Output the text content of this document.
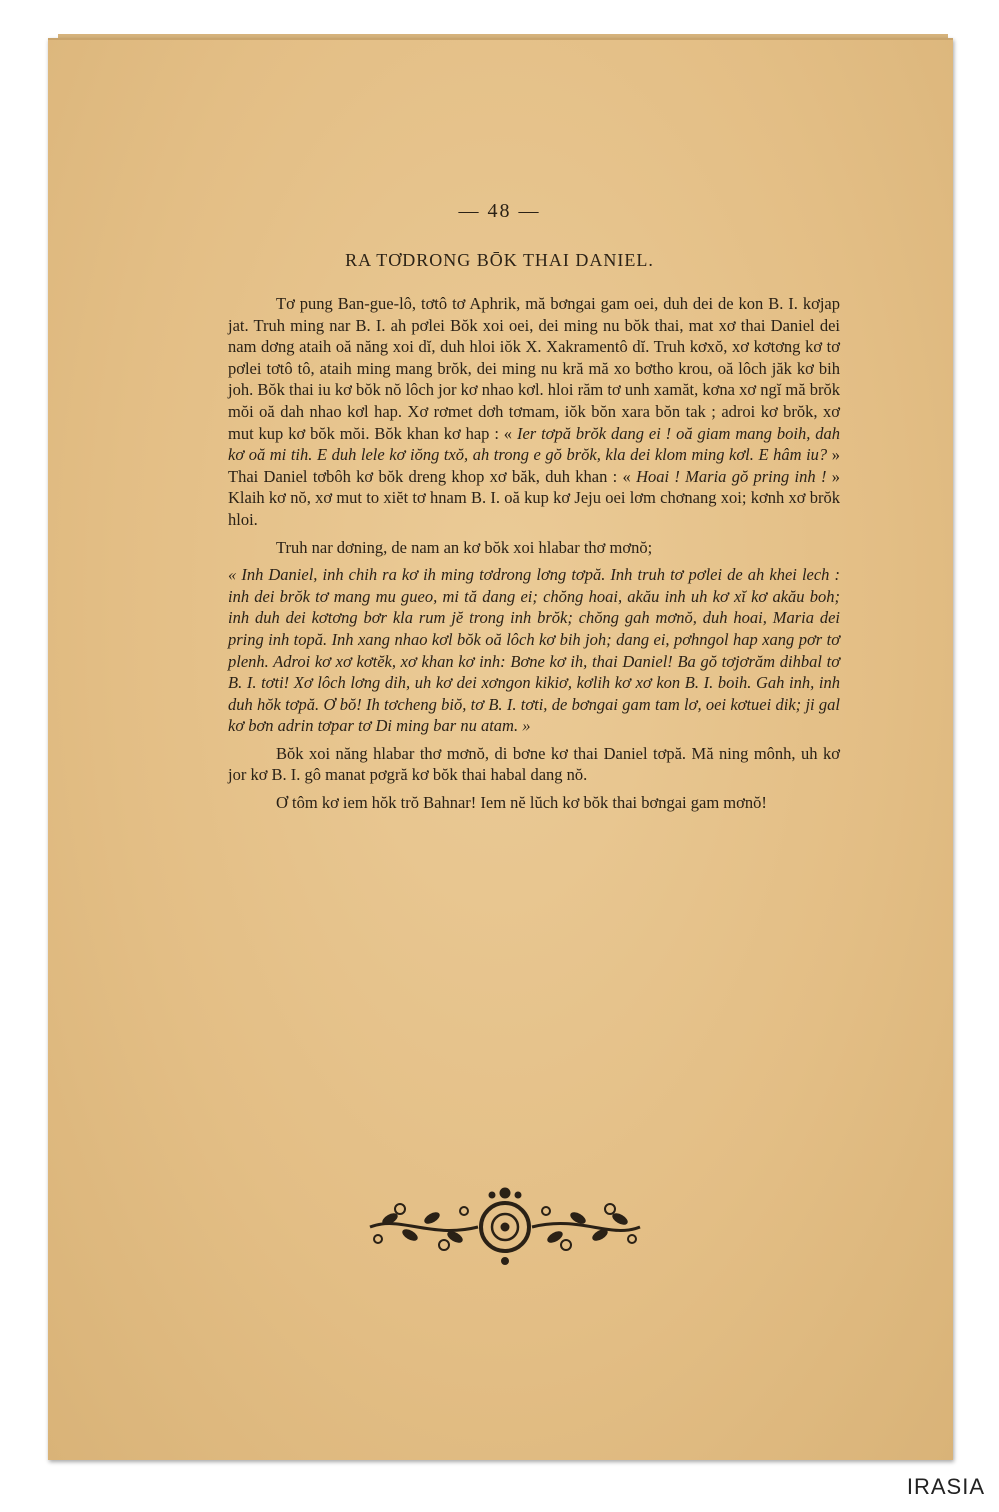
— 48 —
RA TƠDRONG BŌK THAI DANIEL.

Tơ pung Ban-gue-lô, tơtô tơ Aphrik, mă bơngai gam oei, duh dei de kon B. I. kơjap jat. Truh ming nar B. I. ah pơlei Bŏk xoi oei, dei ming nu bŏk thai, mat xơ thai Daniel dei nam dơng ataih oă năng xoi dĭ, duh hloi iŏk X. Xakramentô dĭ. Truh kơxŏ, xơ kơtơng kơ tơ pơlei tơtô tô, ataih ming mang brŏk, dei ming nu kră mă xo bơtho krou, oă lôch jăk kơ bih joh. Bŏk thai iu kơ bŏk nŏ lôch jor kơ nhao kơl. hloi răm tơ unh xamăt, kơna xơ ngĭ mă brŏk mŏi oă dah nhao kơl hap. Xơ rơmet dơh tơmam, iŏk bŏn xara bŏn tak ; adroi kơ brŏk, xơ mut kup kơ bŏk mŏi. Bŏk khan kơ hap : « Ier tơpă brŏk dang ei ! oă giam mang boih, dah kơ oă mi tih. E duh lele kơ iŏng txŏ, ah trong e gŏ brŏk, kla dei klom ming kơl. E hâm iu? » Thai Daniel tơbôh kơ bŏk dreng khop xơ băk, duh khan : « Hoai ! Maria gŏ pring inh ! » Klaih kơ nŏ, xơ mut to xiĕt tơ hnam B. I. oă kup kơ Jeju oei lơm chơnang xoi; kơnh xơ brŏk hloi.

Truh nar dơning, de nam an kơ bŏk xoi hlabar thơ mơnŏ;

« Inh Daniel, inh chih ra kơ ih ming tơdrong lơng tơpă. Inh truh tơ pơlei de ah khei lech : inh dei brŏk tơ mang mu gueo, mi tă dang ei; chŏng hoai, akău inh uh kơ xĭ kơ akău boh; inh duh dei kơtơng bơr kla rum jĕ trong inh brŏk; chŏng gah mơnŏ, duh hoai, Maria dei pring inh topă. Inh xang nhao kơl bŏk oă lôch kơ bih joh; dang ei, pơhngol hap xang pơr tơ plenh. Adroi kơ xơ kơtĕk, xơ khan kơ inh: Bơne kơ ih, thai Daniel! Ba gŏ tơjơrăm dihbal tơ B. I. tơti! Xơ lôch lơng dih, uh kơ dei xơngon kikiơ, kơlih kơ xơ kon B. I. boih. Gah inh, inh duh hŏk tơpă. Ơ bŏ! Ih tơcheng biŏ, tơ B. I. tơti, de bơngai gam tam lơ, oei kơtuei dik; ji gal kơ bơn adrin tơpar tơ Di ming bar nu atam. »

Bŏk xoi năng hlabar thơ mơnŏ, di bơne kơ thai Daniel tơpă. Mă ning mônh, uh kơ jor kơ B. I. gô manat pơgră kơ bŏk thai habal dang nŏ.

Ơ tôm kơ iem hŏk trŏ Bahnar! Iem nĕ lŭch kơ bŏk thai bơngai gam mơnŏ!

IRASIA
